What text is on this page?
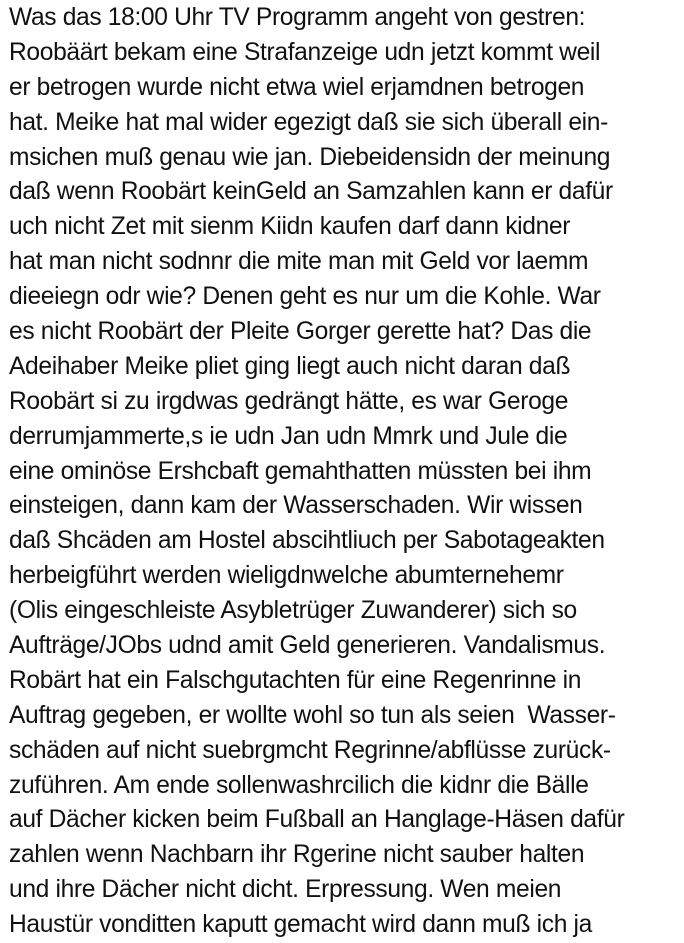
Was das 18:00 Uhr TV Programm angeht von gestren:
Roobäärt bekam eine Strafanzeige udn jetzt kommt weil
er betrogen wurde nicht etwa wiel erjamdnen betrogen
hat. Meike hat mal wider egezigt daß sie sich überall ein-
msichen muß genau wie jan. Diebeidensidn der meinung
daß wenn Roobärt keinGeld an Samzahlen kann er dafür
uch nicht Zet mit sienm Kiidn kaufen darf dann kidner
hat man nicht sodnnr die mite man mit Geld vor laemm
dieeiegn odr wie? Denen geht es nur um die Kohle. War
es nicht Roobärt der Pleite Gorger gerette hat? Das die
Adeihaber Meike pliet ging liegt auch nicht daran daß
Roobärt si zu irgdwas gedrängt hätte, es war Geroge
derrumjammerte,s ie udn Jan udn Mmrk und Jule die
eine ominöse Ershcbaft gemahthatten müssten bei ihm
einsteigen, dann kam der Wasserschaden. Wir wissen
daß Shcäden am Hostel abscihtliuch per Sabotageakten
herbeigführt werden wieligdnwelche abumternehemr
(Olis eingeschleiste Asybletrüger Zuwanderer) sich so
Aufträge/JObs udnd amit Geld generieren. Vandalismus.
Robärt hat ein Falschgutachten für eine Regenrinne in
Auftrag gegeben, er wollte wohl so tun als seien  Wasser-
schäden auf nicht suebrgmcht Regrinne/abflüsse zurück-
zuführen. Am ende sollenwashrcilich die kidnr die Bälle
auf Dächer kicken beim Fußball an Hanglage-Häsen dafür
zahlen wenn Nachbarn ihr Rgerine nicht sauber halten
und ihre Dächer nicht dicht. Erpressung. Wen meien
Haustür vonditten kaputt gemacht wird dann muß ich ja
